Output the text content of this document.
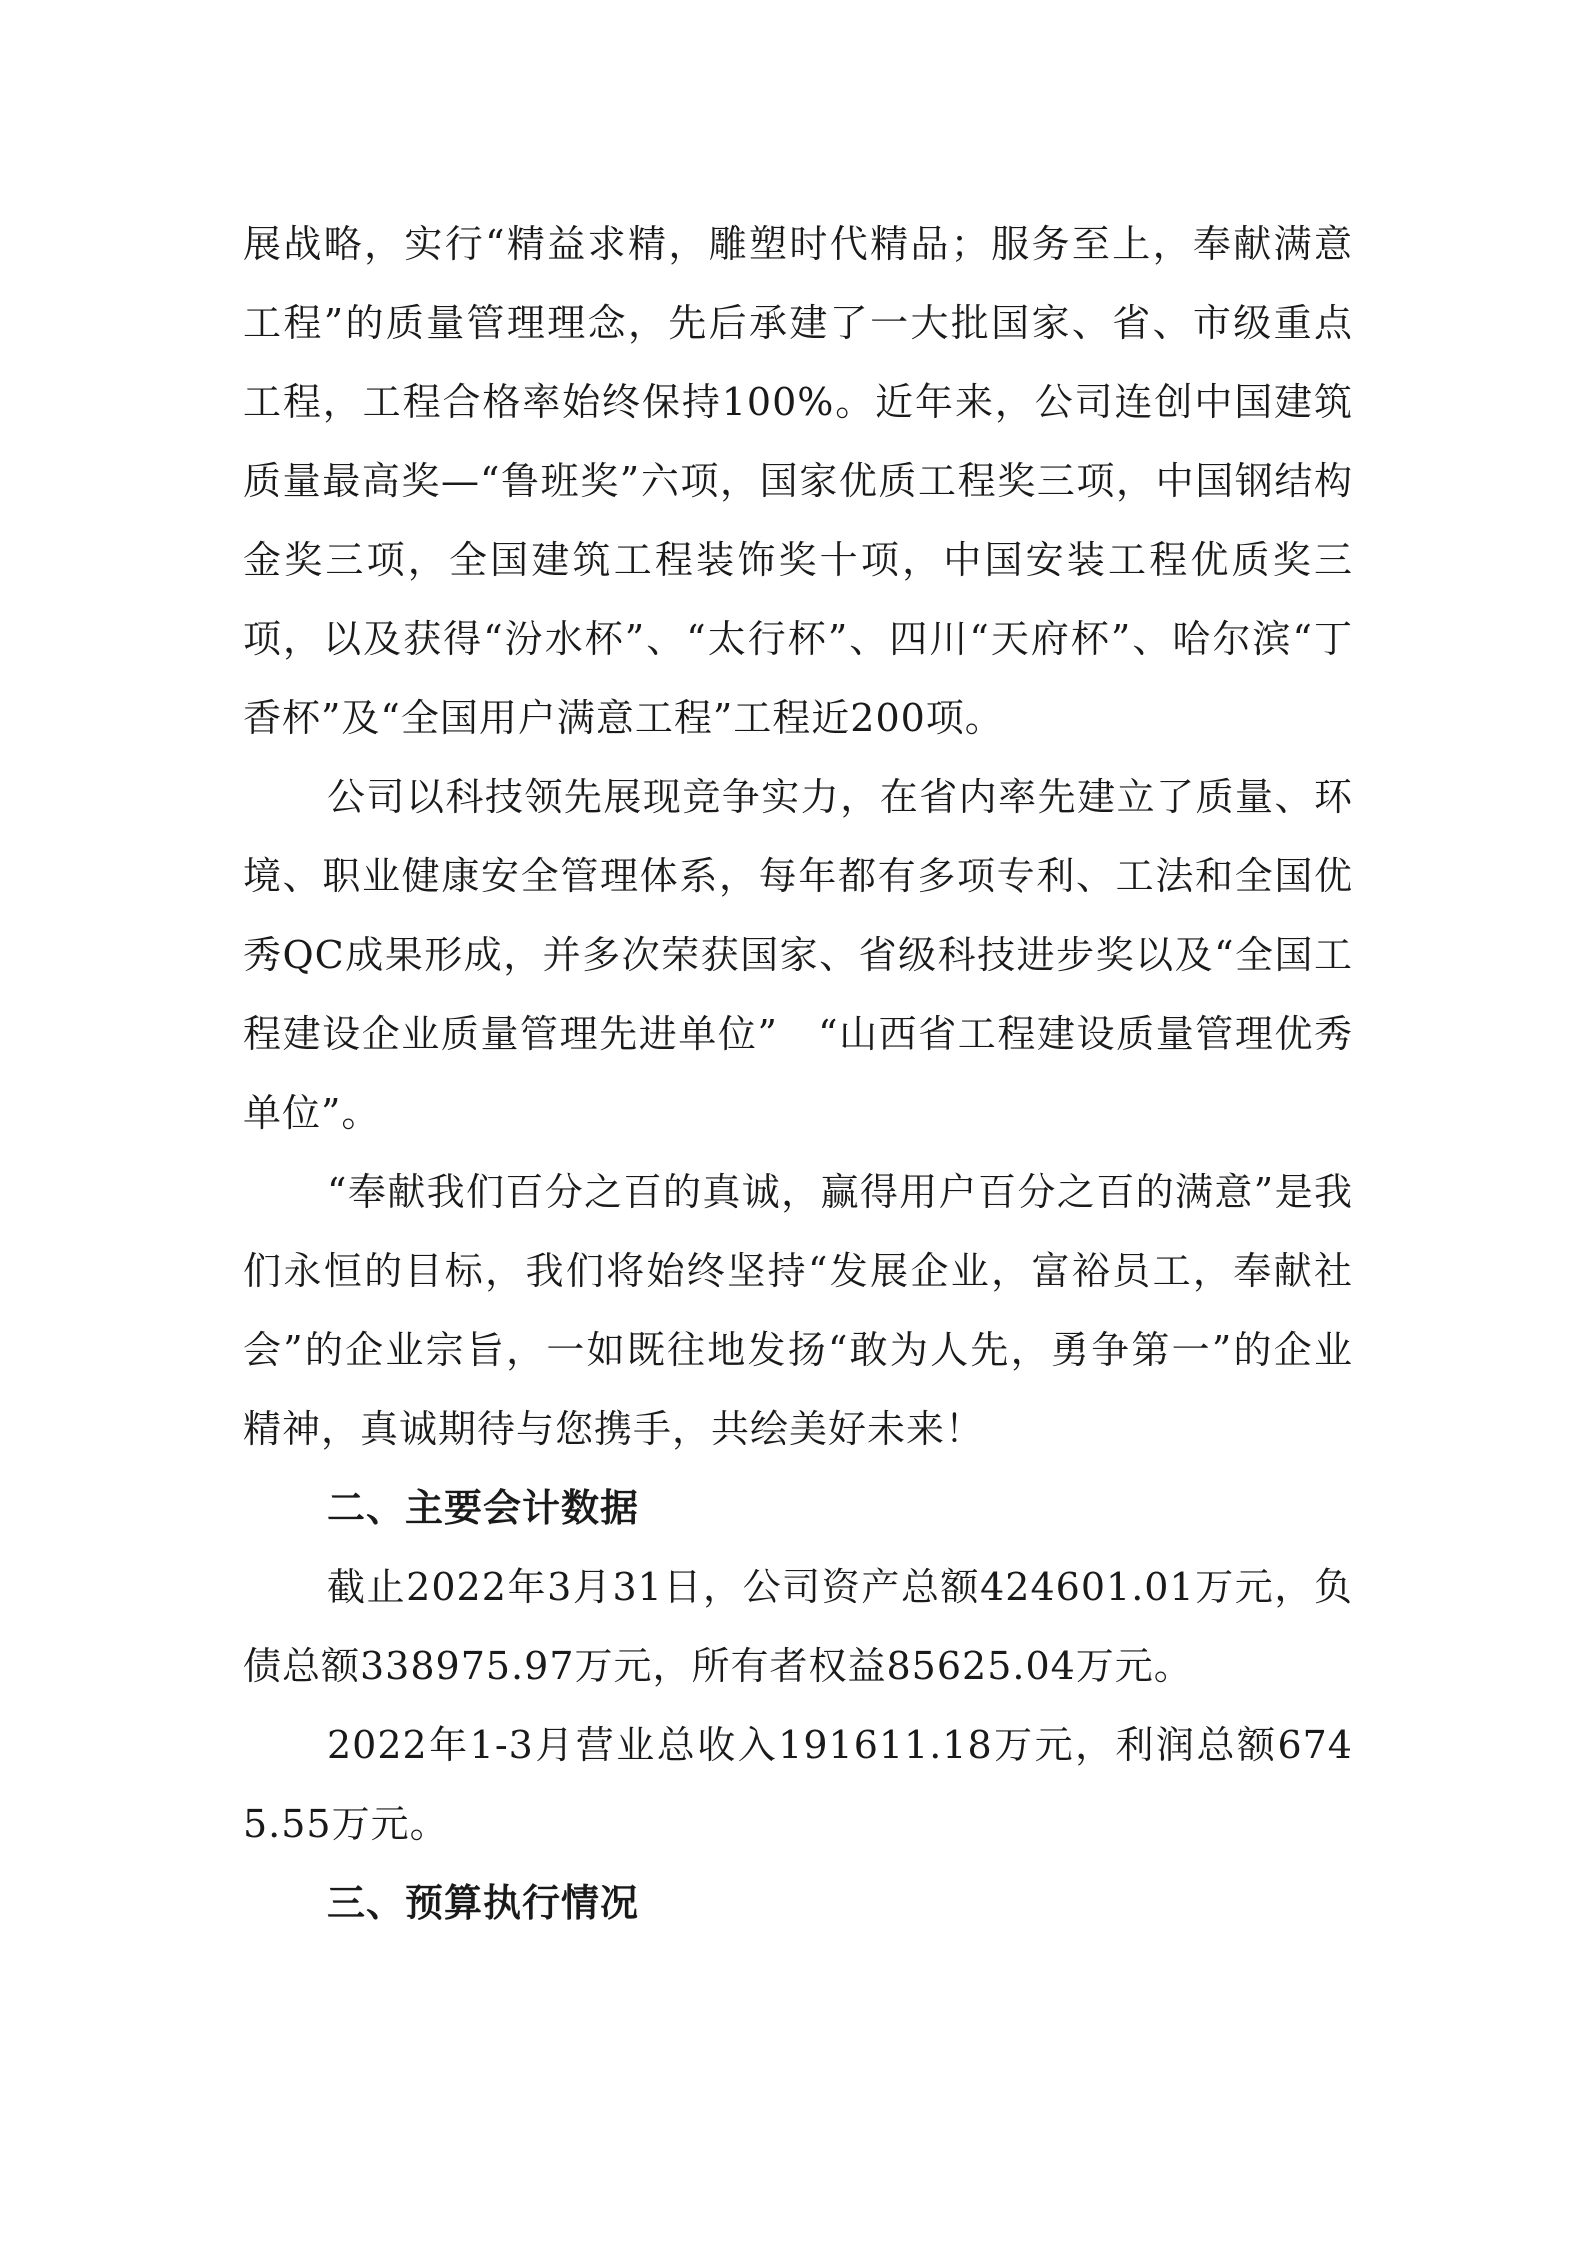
展战略，实行“精益求精，雕塑时代精品；服务至上，奉献满意工程”的质量管理理念，先后承建了一大批国家、省、市级重点工程，工程合格率始终保持100%。近年来，公司连创中国建筑质量最高奖—“鲁班奖”六项，国家优质工程奖三项，中国钢结构金奖三项，全国建筑工程装饰奖十项，中国安装工程优质奖三项，以及获得“汾水杯”、“太行杯”、四川“天府杯”、哈尔滨“丁香杯”及“全国用户满意工程”工程近200项。

公司以科技领先展现竞争实力，在省内率先建立了质量、环境、职业健康安全管理体系，每年都有多项专利、工法和全国优秀QC成果形成，并多次荣获国家、省级科技进步奖以及“全国工程建设企业质量管理先进单位”　“山西省工程建设质量管理优秀单位”。

“奉献我们百分之百的真诚，赢得用户百分之百的满意”是我们永恒的目标，我们将始终坚持“发展企业，富裕员工，奉献社会”的企业宗旨，一如既往地发扬“敢为人先，勇争第一”的企业精神，真诚期待与您携手，共绘美好未来！

二、主要会计数据

截止2022年3月31日，公司资产总额424601.01万元，负债总额338975.97万元，所有者权益85625.04万元。

2022年1-3月营业总收入191611.18万元，利润总额6745.55万元。

三、预算执行情况
